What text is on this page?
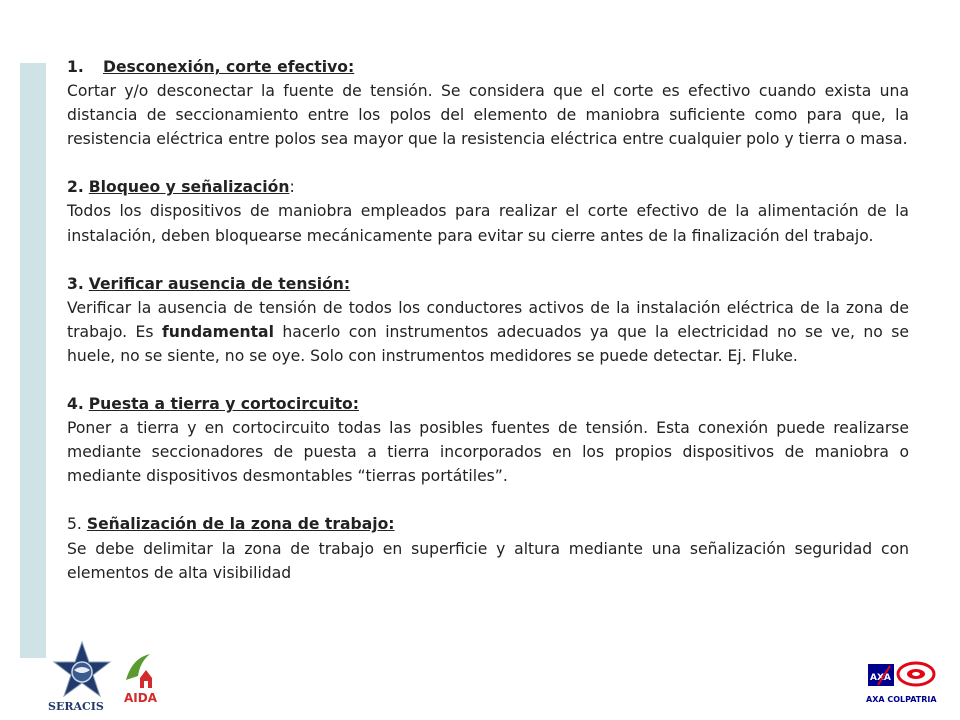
1. Desconexión, corte efectivo:

Cortar y/o desconectar la fuente de tensión. Se considera que el corte es efectivo cuando exista una distancia de seccionamiento entre los polos del elemento de maniobra suficiente como para que, la resistencia eléctrica entre polos sea mayor que la resistencia eléctrica entre cualquier polo y tierra o masa.

2. Bloqueo y señalización:

Todos los dispositivos de maniobra empleados para realizar el corte efectivo de la alimentación de la instalación, deben bloquearse mecánicamente para evitar su cierre antes de la finalización del trabajo.

3. Verificar ausencia de tensión:

Verificar la ausencia de tensión de todos los conductores activos de la instalación eléctrica de la zona de trabajo. Es fundamental hacerlo con instrumentos adecuados ya que la electricidad no se ve, no se huele, no se siente, no se oye. Solo con instrumentos medidores se puede detectar. Ej. Fluke.

4. Puesta a tierra y cortocircuito:

Poner a tierra y en cortocircuito todas las posibles fuentes de tensión. Esta conexión puede realizarse mediante seccionadores de puesta a tierra incorporados en los propios dispositivos de maniobra o mediante dispositivos desmontables “tierras portátiles”.

5. Señalización de la zona de trabajo:

Se debe delimitar la zona de trabajo en superficie y altura mediante una señalización seguridad con elementos de alta visibilidad

SERACIS
AIDA
AXA
AXA COLPATRIA
